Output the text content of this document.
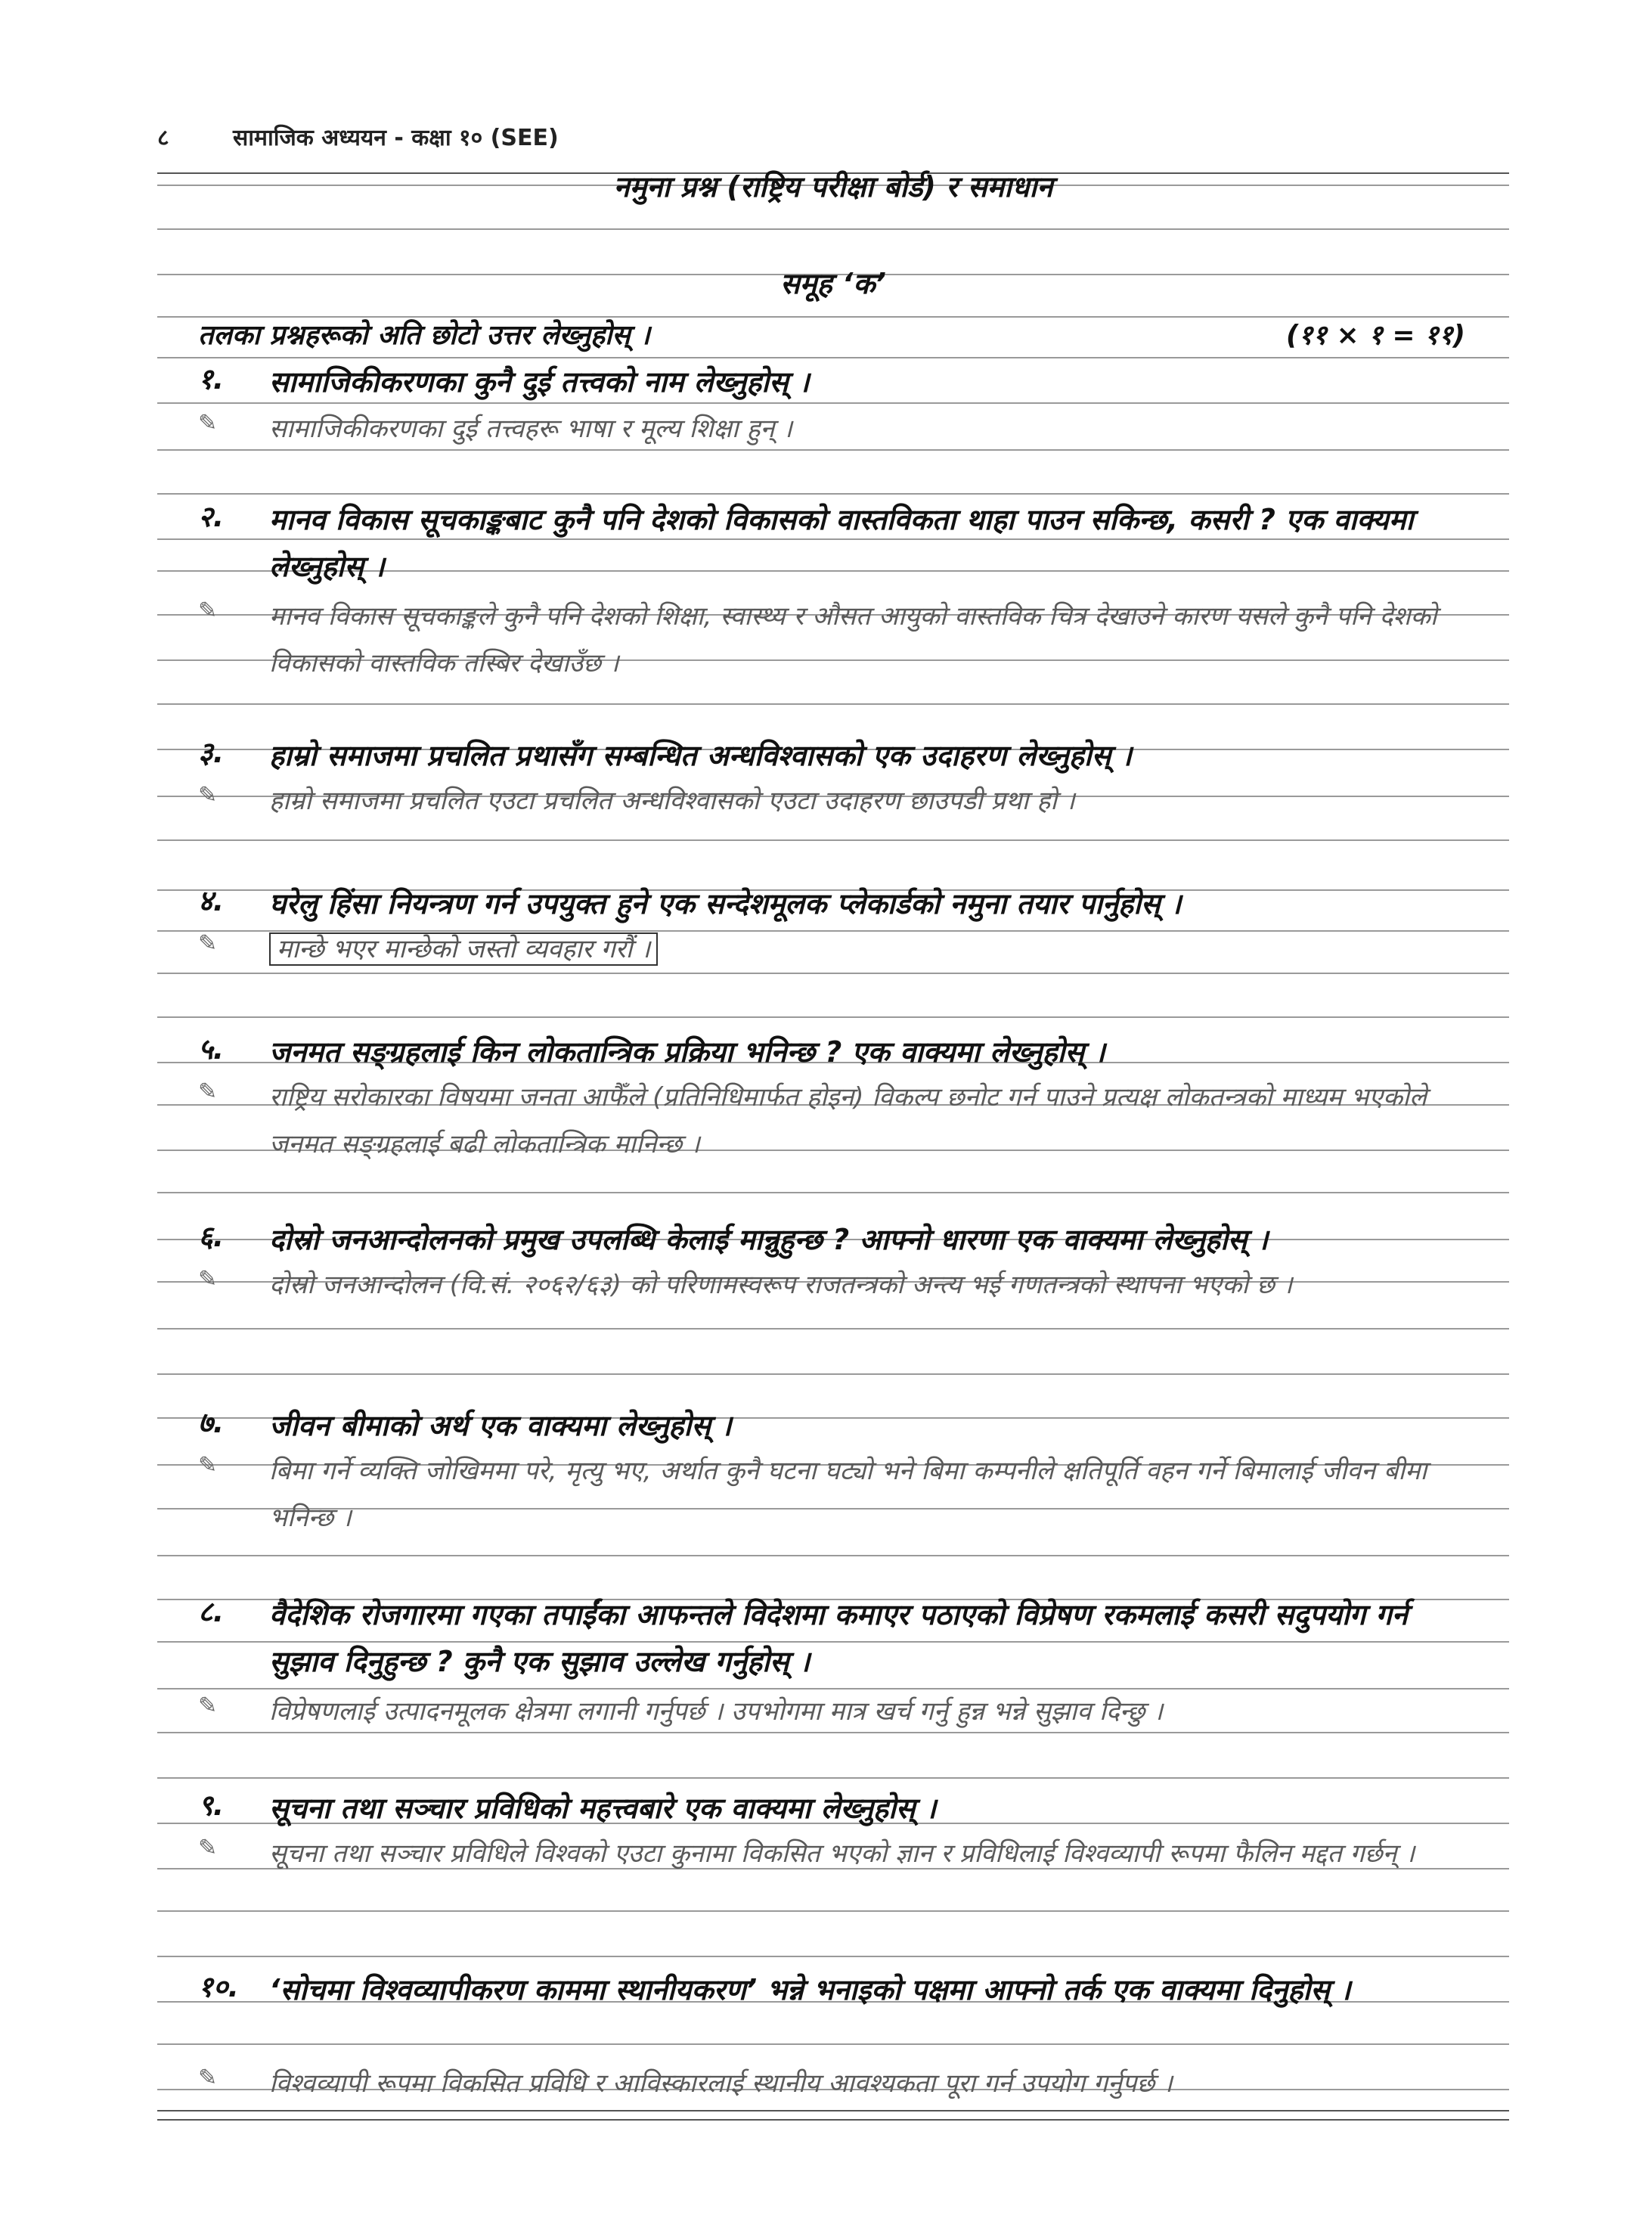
८	सामाजिक अध्ययन - कक्षा १० (SEE)
नमुना प्रश्न (राष्ट्रिय परीक्षा बोर्ड) र समाधान
समूह ‘क’
तलका प्रश्नहरूको अति छोटो उत्तर लेख्नुहोस् ।	(११ × १ = ११)
१.	सामाजिकीकरणका कुनै दुई तत्त्वको नाम लेख्नुहोस् ।
✎	सामाजिकीकरणका दुई तत्त्वहरू भाषा र मूल्य शिक्षा हुन् ।
२.	मानव विकास सूचकाङ्कबाट कुनै पनि देशको विकासको वास्तविकता थाहा पाउन सकिन्छ, कसरी ? एक वाक्यमा लेख्नुहोस् ।
✎	मानव विकास सूचकाङ्कले कुनै पनि देशको शिक्षा, स्वास्थ्य र औसत आयुको वास्तविक चित्र देखाउने कारण यसले कुनै पनि देशको विकासको वास्तविक तस्बिर देखाउँछ ।
३.	हाम्रो समाजमा प्रचलित प्रथासँग सम्बन्धित अन्धविश्वासको एक उदाहरण लेख्नुहोस् ।
✎	हाम्रो समाजमा प्रचलित एउटा प्रचलित अन्धविश्वासको एउटा उदाहरण छाउपडी प्रथा हो ।
४.	घरेलु हिंसा नियन्त्रण गर्न उपयुक्त हुने एक सन्देशमूलक प्लेकार्डको नमुना तयार पार्नुहोस् ।
✎	मान्छे भएर मान्छेको जस्तो व्यवहार गरौं ।
५.	जनमत सङ्ग्रहलाई किन लोकतान्त्रिक प्रक्रिया भनिन्छ ? एक वाक्यमा लेख्नुहोस् ।
✎	राष्ट्रिय सरोकारका विषयमा जनता आफैँले (प्रतिनिधिमार्फत होइन) विकल्प छनोट गर्न पाउने प्रत्यक्ष लोकतन्त्रको माध्यम भएकोले जनमत सङ्ग्रहलाई बढी लोकतान्त्रिक मानिन्छ ।
६.	दोस्रो जनआन्दोलनको प्रमुख उपलब्धि केलाई मान्नुहुन्छ ? आफ्नो धारणा एक वाक्यमा लेख्नुहोस् ।
✎	दोस्रो जनआन्दोलन (वि.सं. २०६२/६३) को परिणामस्वरूप राजतन्त्रको अन्त्य भई गणतन्त्रको स्थापना भएको छ ।
७.	जीवन बीमाको अर्थ एक वाक्यमा लेख्नुहोस् ।
✎	बिमा गर्ने व्यक्ति जोखिममा परे, मृत्यु भए, अर्थात कुनै घटना घट्यो भने बिमा कम्पनीले क्षतिपूर्ति वहन गर्ने बिमालाई जीवन बीमा भनिन्छ ।
८.	वैदेशिक रोजगारमा गएका तपाईंका आफन्तले विदेशमा कमाएर पठाएको विप्रेषण रकमलाई कसरी सदुपयोग गर्न सुझाव दिनुहुन्छ ? कुनै एक सुझाव उल्लेख गर्नुहोस् ।
✎	विप्रेषणलाई उत्पादनमूलक क्षेत्रमा लगानी गर्नुपर्छ । उपभोगमा मात्र खर्च गर्नु हुन्न भन्ने सुझाव दिन्छु ।
९.	सूचना तथा सञ्चार प्रविधिको महत्त्वबारे एक वाक्यमा लेख्नुहोस् ।
✎	सूचना तथा सञ्चार प्रविधिले विश्वको एउटा कुनामा विकसित भएको ज्ञान र प्रविधिलाई विश्वव्यापी रूपमा फैलिन मद्दत गर्छन् ।
१०.	‘सोचमा विश्वव्यापीकरण काममा स्थानीयकरण’ भन्ने भनाइको पक्षमा आफ्नो तर्क एक वाक्यमा दिनुहोस् ।
✎	विश्वव्यापी रूपमा विकसित प्रविधि र आविस्कारलाई स्थानीय आवश्यकता पूरा गर्न उपयोग गर्नुपर्छ ।
